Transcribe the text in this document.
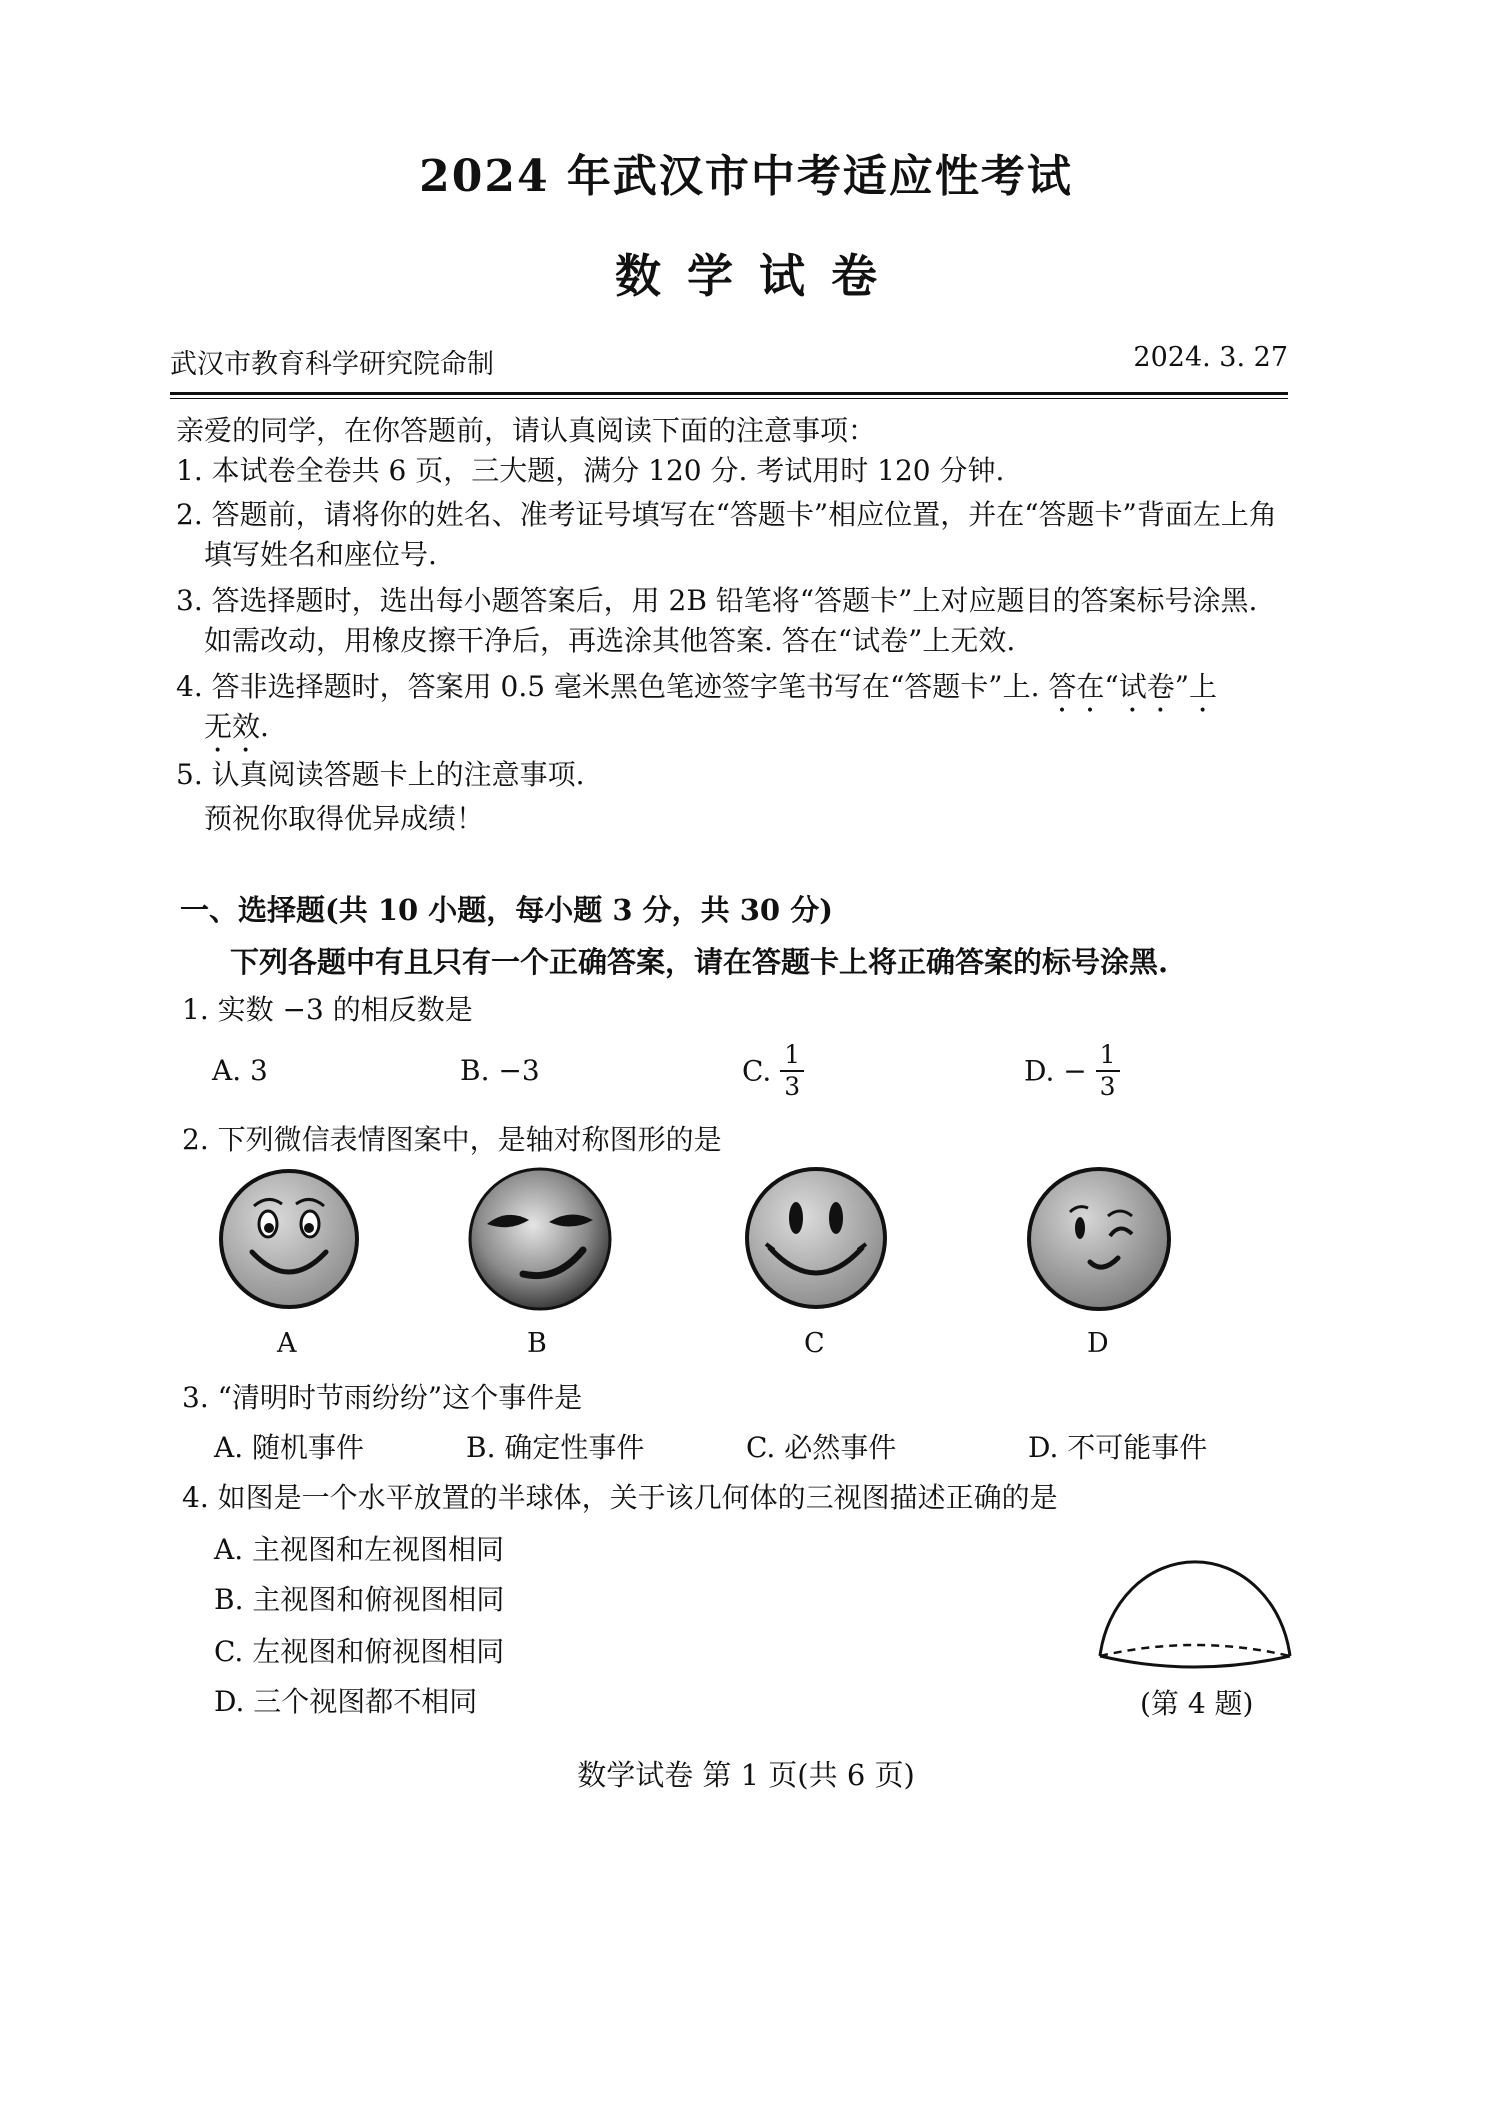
2024 年武汉市中考适应性考试
数学试卷
武汉市教育科学研究院命制	2024. 3. 27
亲爱的同学，在你答题前，请认真阅读下面的注意事项：
1. 本试卷全卷共 6 页，三大题，满分 120 分. 考试用时 120 分钟.
2. 答题前，请将你的姓名、准考证号填写在“答题卡”相应位置，并在“答题卡”背面左上角
填写姓名和座位号.
3. 答选择题时，选出每小题答案后，用 2B 铅笔将“答题卡”上对应题目的答案标号涂黑.
如需改动，用橡皮擦干净后，再选涂其他答案. 答在“试卷”上无效.
4. 答非选择题时，答案用 0.5 毫米黑色笔迹签字笔书写在“答题卡”上. 答在“试卷”上
无效.
5. 认真阅读答题卡上的注意事项.
预祝你取得优异成绩！
一、选择题(共 10 小题，每小题 3 分，共 30 分)
下列各题中有且只有一个正确答案，请在答题卡上将正确答案的标号涂黑.
1. 实数 −3 的相反数是
A. 3	B. −3	C. $\frac{1}{3}$	D. − $\frac{1}{3}$
2. 下列微信表情图案中，是轴对称图形的是
A	B	C	D
3. “清明时节雨纷纷”这个事件是
A. 随机事件	B. 确定性事件	C. 必然事件	D. 不可能事件
4. 如图是一个水平放置的半球体，关于该几何体的三视图描述正确的是
A. 主视图和左视图相同
B. 主视图和俯视图相同
C. 左视图和俯视图相同
D. 三个视图都不相同	(第 4 题)
数学试卷 第 1 页(共 6 页)
